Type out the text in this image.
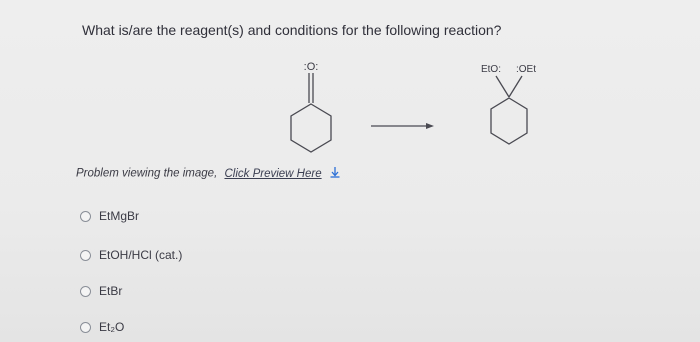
What is/are the reagent(s) and conditions for the following reaction?
:O:	EtO: :OEt
Problem viewing the image, Click Preview Here
EtMgBr
EtOH/HCl (cat.)
EtBr
Et₂O
